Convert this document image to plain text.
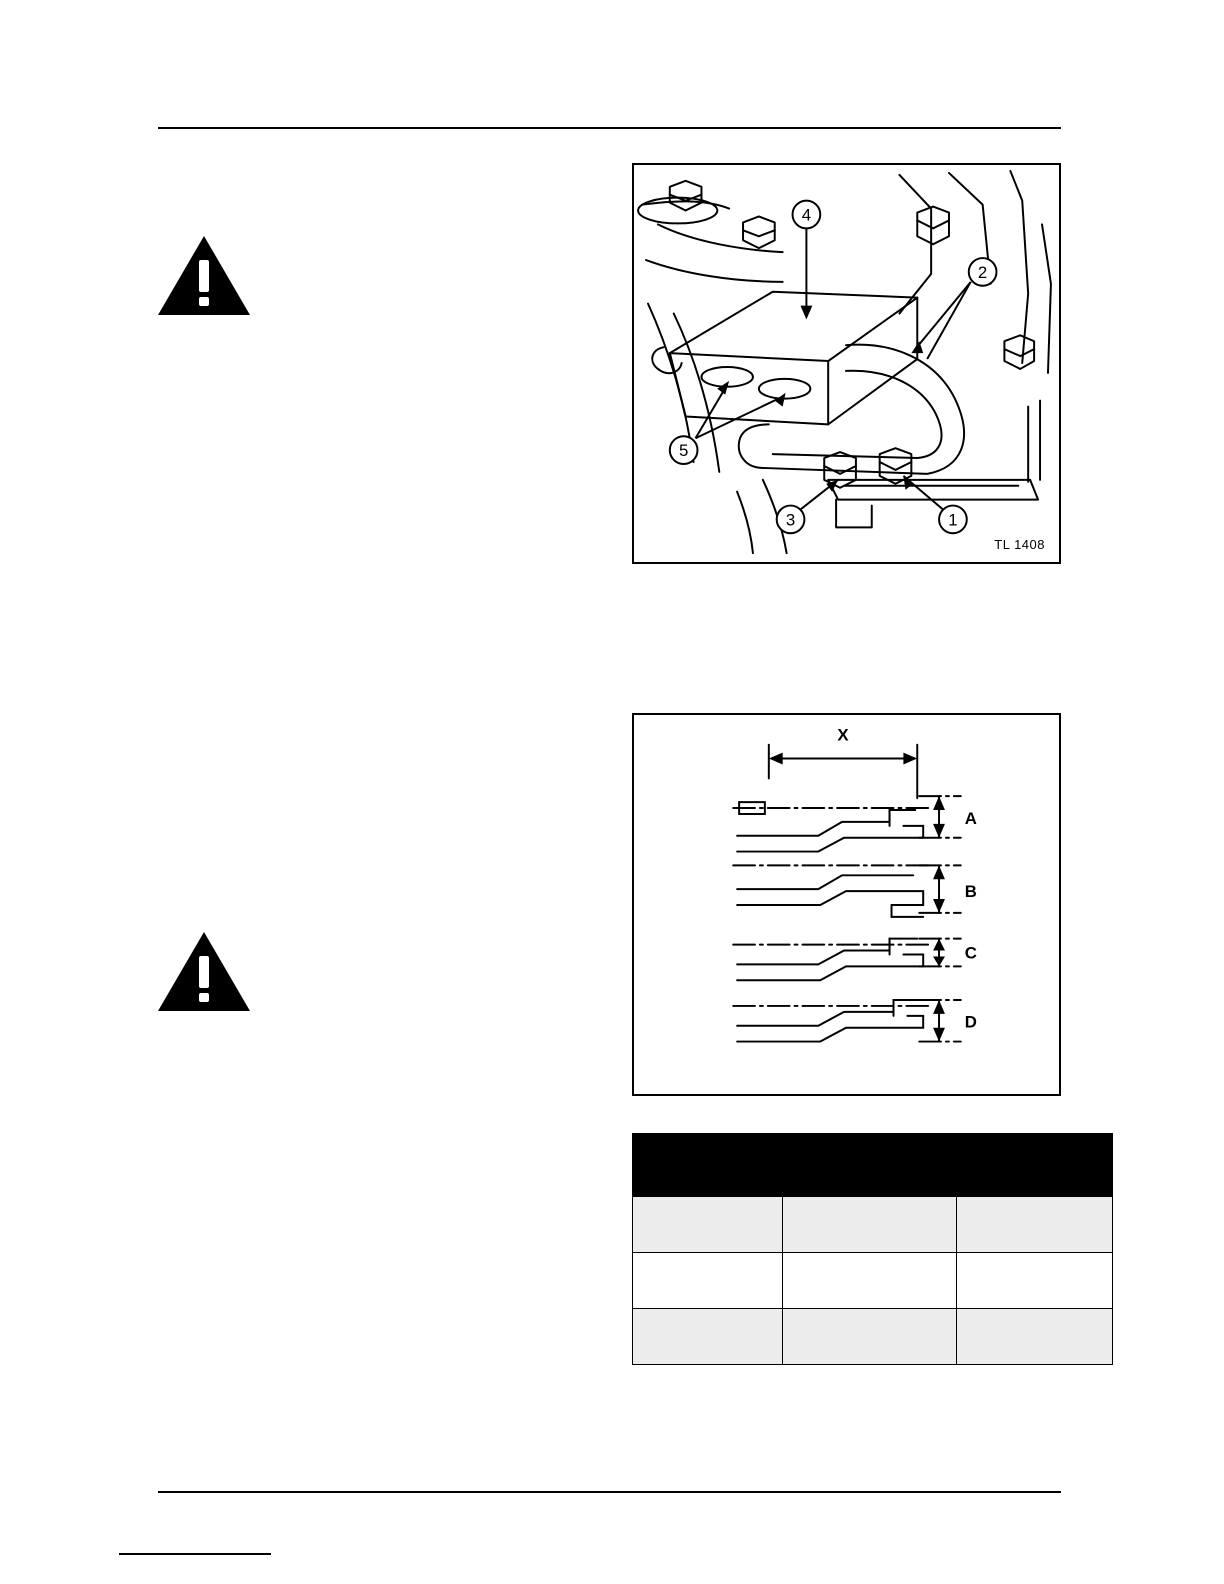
4
2
5
3	1
TL 1408
X
A
B
C
D
